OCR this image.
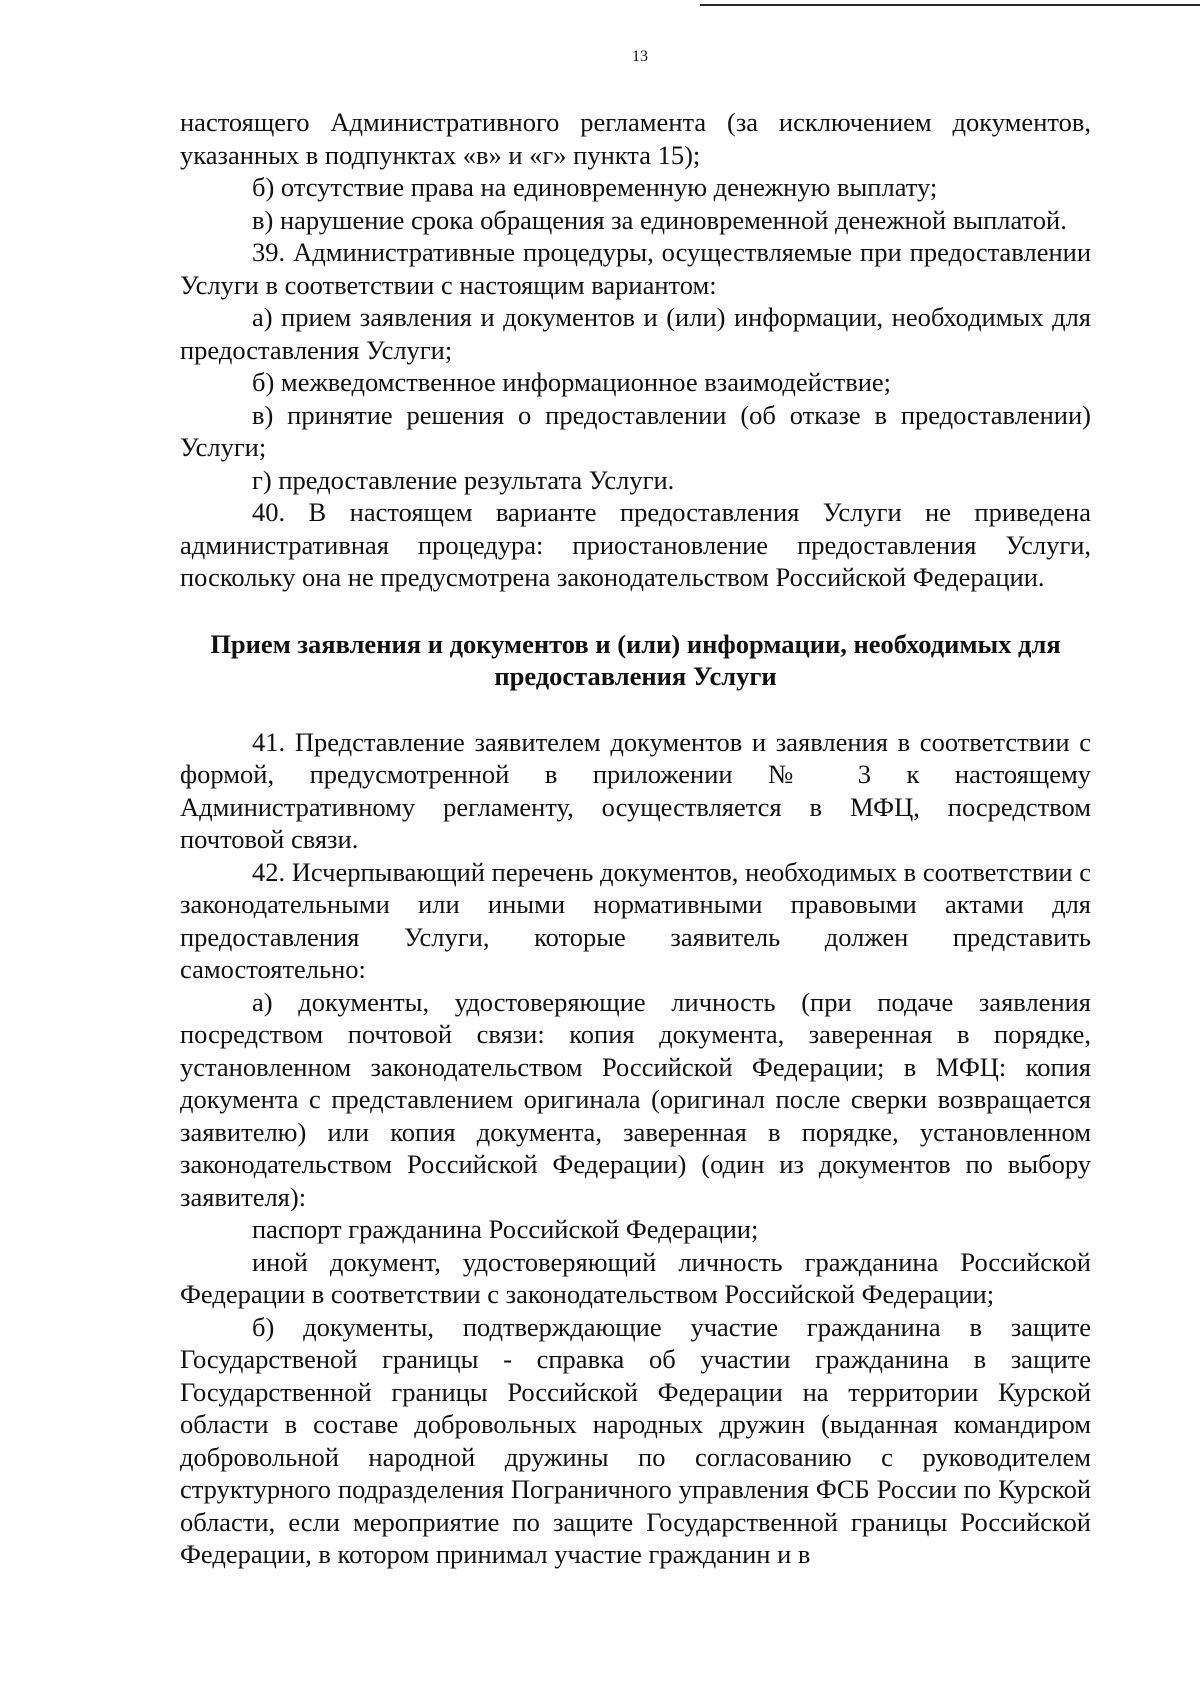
13

настоящего Административного регламента (за исключением документов, указанных в подпунктах «в» и «г» пункта 15);

б) отсутствие права на единовременную денежную выплату;

в) нарушение срока обращения за единовременной денежной выплатой.

39. Административные процедуры, осуществляемые при предоставлении Услуги в соответствии с настоящим вариантом:

а) прием заявления и документов и (или) информации, необходимых для предоставления Услуги;

б) межведомственное информационное взаимодействие;

в) принятие решения о предоставлении (об отказе в предоставлении) Услуги;

г) предоставление результата Услуги.

40. В настоящем варианте предоставления Услуги не приведена административная процедура: приостановление предоставления Услуги, поскольку она не предусмотрена законодательством Российской Федерации.

Прием заявления и документов и (или) информации, необходимых для предоставления Услуги

41. Представление заявителем документов и заявления в соответствии с формой, предусмотренной в приложении № 3 к настоящему Административному регламенту, осуществляется в МФЦ, посредством почтовой связи.

42. Исчерпывающий перечень документов, необходимых в соответствии с законодательными или иными нормативными правовыми актами для предоставления Услуги, которые заявитель должен представить самостоятельно:

а) документы, удостоверяющие личность (при подаче заявления посредством почтовой связи: копия документа, заверенная в порядке, установленном законодательством Российской Федерации; в МФЦ: копия документа с представлением оригинала (оригинал после сверки возвращается заявителю) или копия документа, заверенная в порядке, установленном законодательством Российской Федерации) (один из документов по выбору заявителя):

паспорт гражданина Российской Федерации;

иной документ, удостоверяющий личность гражданина Российской Федерации в соответствии с законодательством Российской Федерации;

б) документы, подтверждающие участие гражданина в защите Государственой границы - справка об участии гражданина в защите Государственной границы Российской Федерации на территории Курской области в составе добровольных народных дружин (выданная командиром добровольной народной дружины по согласованию с руководителем структурного подразделения Пограничного управления ФСБ России по Курской области, если мероприятие по защите Государственной границы Российской Федерации, в котором принимал участие гражданин и в
